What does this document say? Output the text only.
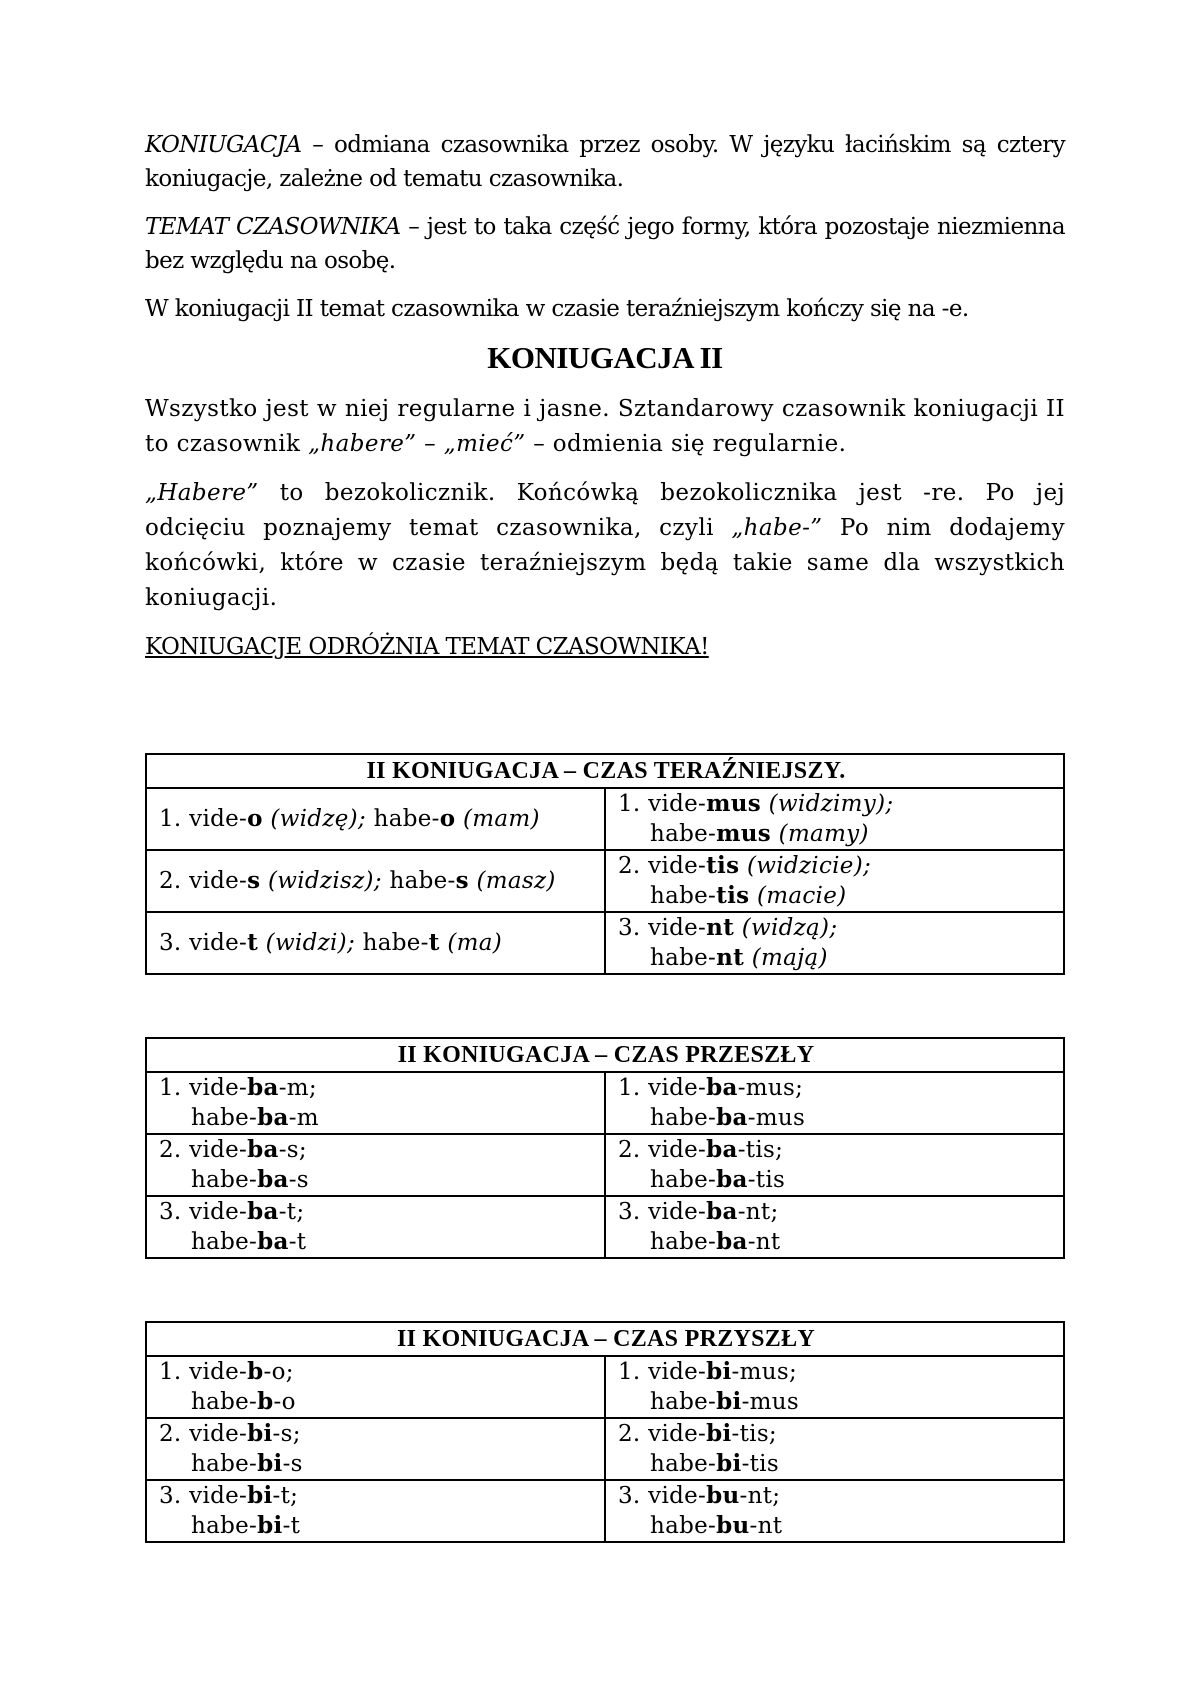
KONIUGACJA – odmiana czasownika przez osoby. W języku łacińskim są cztery koniugacje, zależne od tematu czasownika.

TEMAT CZASOWNIKA – jest to taka część jego formy, która pozostaje niezmienna bez względu na osobę.

W koniugacji II temat czasownika w czasie teraźniejszym kończy się na -e.

KONIUGACJA II

Wszystko jest w niej regularne i jasne. Sztandarowy czasownik koniugacji II to czasownik „habere” – „mieć” – odmienia się regularnie.

„Habere” to bezokolicznik. Końcówką bezokolicznika jest -re. Po jej odcięciu poznajemy temat czasownika, czyli „habe-” Po nim dodajemy końcówki, które w czasie teraźniejszym będą takie same dla wszystkich koniugacji.

KONIUGACJE ODRÓŻNIA TEMAT CZASOWNIKA!

II KONIUGACJA – CZAS TERAŹNIEJSZY.	

1. vide-o (widzę); habe-o (mam)	1. vide-mus (widzimy);
habe-mus (mamy)

2. vide-s (widzisz); habe-s (masz)	2. vide-tis (widzicie);
habe-tis (macie)

3. vide-t (widzi); habe-t (ma)	3. vide-nt (widzą);
habe-nt (mają)
II KONIUGACJA – CZAS PRZESZŁY	

1. vide-ba-m;
habe-ba-m	1. vide-ba-mus;
habe-ba-mus

2. vide-ba-s;
habe-ba-s	2. vide-ba-tis;
habe-ba-tis

3. vide-ba-t;
habe-ba-t	3. vide-ba-nt;
habe-ba-nt
II KONIUGACJA – CZAS PRZYSZŁY	

1. vide-b-o;
habe-b-o	1. vide-bi-mus;
habe-bi-mus

2. vide-bi-s;
habe-bi-s	2. vide-bi-tis;
habe-bi-tis

3. vide-bi-t;
habe-bi-t	3. vide-bu-nt;
habe-bu-nt
